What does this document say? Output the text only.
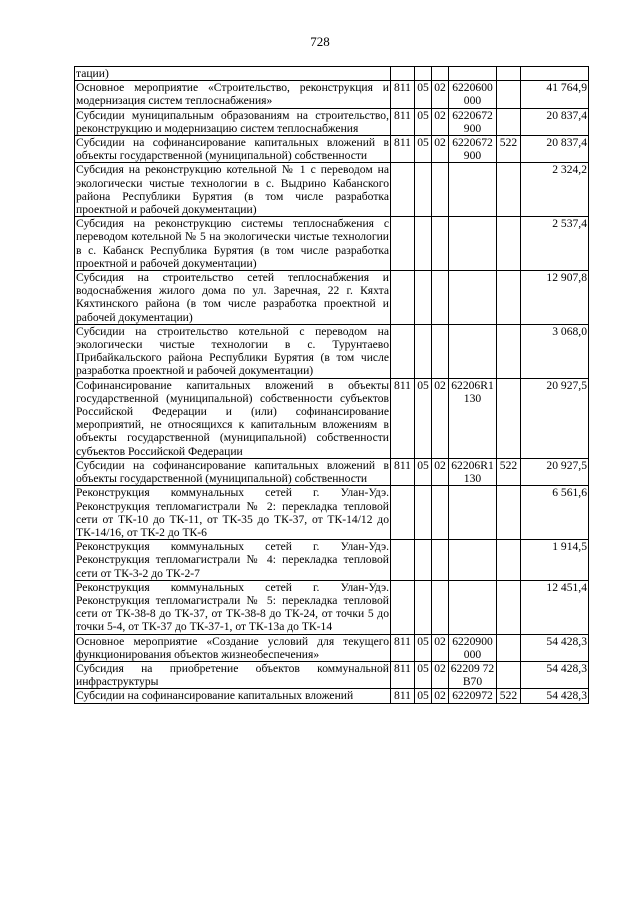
728
тации)						
Основное мероприятие «Строительство, реконструкция и модернизация систем теплоснабжения»	811	05	02	6220600000		41 764,9
Субсидии муниципальным образованиям на строительство, реконструкцию и модернизацию систем теплоснабжения	811	05	02	6220672900		20 837,4
Субсидии на софинансирование капитальных вложений в объекты государственной (муниципальной) собственности	811	05	02	6220672900	522	20 837,4
Субсидия на реконструкцию котельной № 1 с переводом на экологически чистые технологии в с. Выдрино Кабанского района Республики Бурятия (в том числе разработка проектной и рабочей документации)						2 324,2
Субсидия на реконструкцию системы теплоснабжения с переводом котельной № 5 на экологически чистые технологии в с. Кабанск Республика Бурятия (в том числе разработка проектной и рабочей документации)						2 537,4
Субсидия на строительство сетей теплоснабжения и водоснабжения жилого дома по ул. Заречная, 22 г. Кяхта Кяхтинского района (в том числе разработка проектной и рабочей документации)						12 907,8
Субсидии на строительство котельной с переводом на экологически чистые технологии в с. Турунтаево Прибайкальского района Республики Бурятия (в том числе разработка проектной и рабочей документации)						3 068,0
Софинансирование капитальных вложений в объекты государственной (муниципальной) собственности субъектов Российской Федерации и (или) софинансирование мероприятий, не относящихся к капитальным вложениям в объекты государственной (муниципальной) собственности субъектов Российской Федерации	811	05	02	62206R1130		20 927,5
Субсидии на софинансирование капитальных вложений в объекты государственной (муниципальной) собственности	811	05	02	62206R1130	522	20 927,5
Реконструкция коммунальных сетей г. Улан-Удэ. Реконструкция тепломагистрали № 2: перекладка тепловой сети от ТК-10 до ТК-11, от ТК-35 до ТК-37, от ТК-14/12 до ТК-14/16, от ТК-2 до ТК-6						6 561,6
Реконструкция коммунальных сетей г. Улан-Удэ. Реконструкция тепломагистрали № 4: перекладка тепловой сети от ТК-3-2 до ТК-2-7						1 914,5
Реконструкция коммунальных сетей г. Улан-Удэ. Реконструкция тепломагистрали № 5: перекладка тепловой сети от ТК-38-8 до ТК-37, от ТК-38-8 до ТК-24, от точки 5 до точки 5-4, от ТК-37 до ТК-37-1, от ТК-13а до ТК-14						12 451,4
Основное мероприятие «Создание условий для текущего функционирования объектов жизнеобеспечения»	811	05	02	6220900000		54 428,3
Субсидия на приобретение объектов коммунальной инфраструктуры	811	05	02	62209 72B70		54 428,3
Субсидии на софинансирование капитальных вложений	811	05	02	6220972	522	54 428,3
